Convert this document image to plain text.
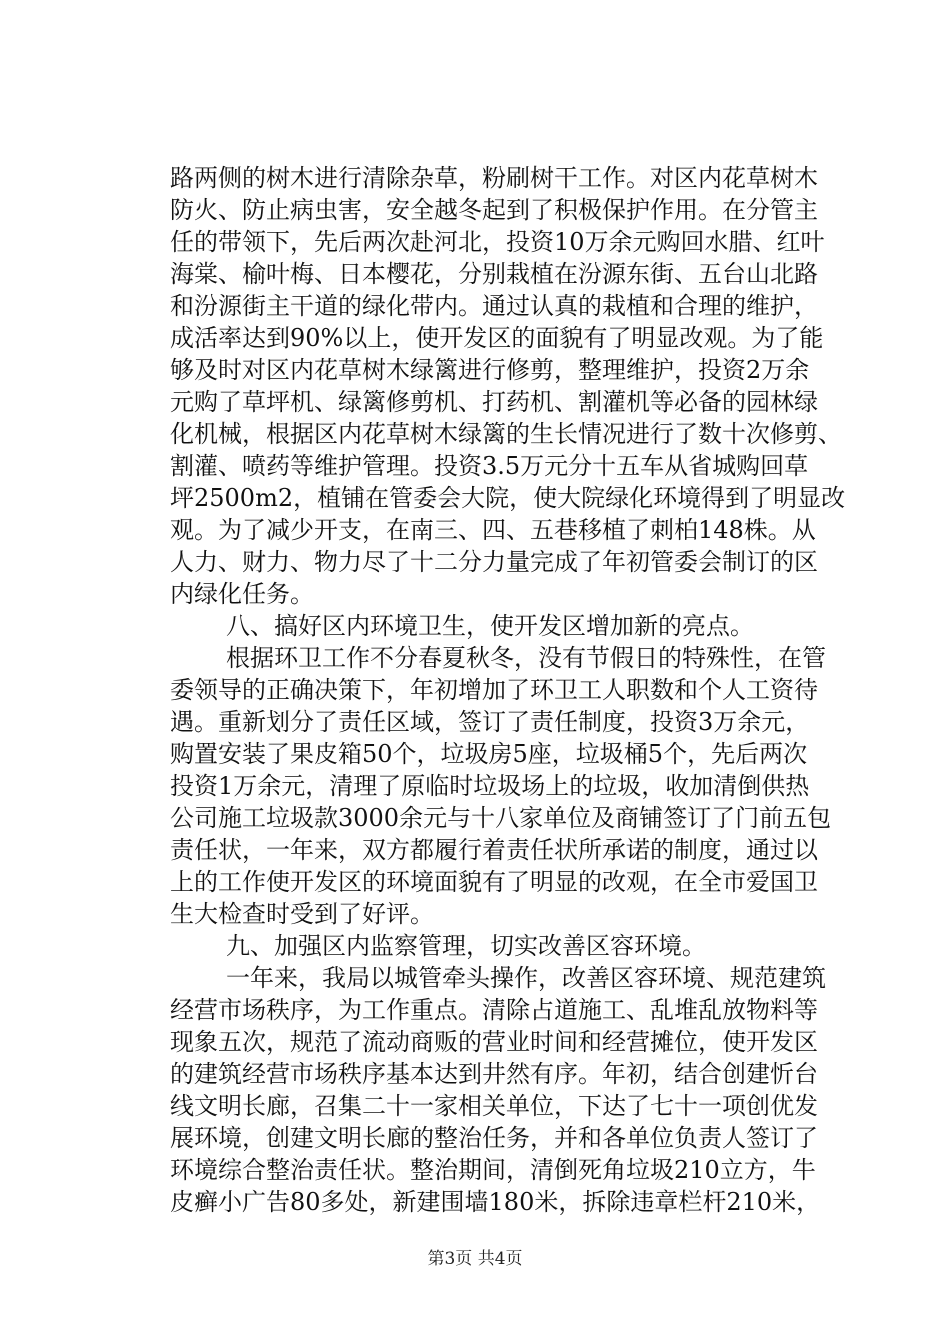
路两侧的树木进行清除杂草，粉刷树干工作。对区内花草树木
防火、防止病虫害，安全越冬起到了积极保护作用。在分管主
任的带领下，先后两次赴河北，投资10万余元购回水腊、红叶
海棠、榆叶梅、日本樱花，分别栽植在汾源东街、五台山北路
和汾源街主干道的绿化带内。通过认真的栽植和合理的维护，
成活率达到90%以上，使开发区的面貌有了明显改观。为了能
够及时对区内花草树木绿篱进行修剪，整理维护，投资2万余
元购了草坪机、绿篱修剪机、打药机、割灌机等必备的园林绿
化机械，根据区内花草树木绿篱的生长情况进行了数十次修剪、
割灌、喷药等维护管理。投资3.5万元分十五车从省城购回草
坪2500m2，植铺在管委会大院，使大院绿化环境得到了明显改
观。为了减少开支，在南三、四、五巷移植了刺柏148株。从
人力、财力、物力尽了十二分力量完成了年初管委会制订的区
内绿化任务。
八、搞好区内环境卫生，使开发区增加新的亮点。
根据环卫工作不分春夏秋冬，没有节假日的特殊性，在管
委领导的正确决策下，年初增加了环卫工人职数和个人工资待
遇。重新划分了责任区域，签订了责任制度，投资3万余元，
购置安装了果皮箱50个，垃圾房5座，垃圾桶5个，先后两次
投资1万余元，清理了原临时垃圾场上的垃圾，收加清倒供热
公司施工垃圾款3000余元与十八家单位及商铺签订了门前五包
责任状，一年来，双方都履行着责任状所承诺的制度，通过以
上的工作使开发区的环境面貌有了明显的改观，在全市爱国卫
生大检查时受到了好评。
九、加强区内监察管理，切实改善区容环境。
一年来，我局以城管牵头操作，改善区容环境、规范建筑
经营市场秩序，为工作重点。清除占道施工、乱堆乱放物料等
现象五次，规范了流动商贩的营业时间和经营摊位，使开发区
的建筑经营市场秩序基本达到井然有序。年初，结合创建忻台
线文明长廊，召集二十一家相关单位，下达了七十一项创优发
展环境，创建文明长廊的整治任务，并和各单位负责人签订了
环境综合整治责任状。整治期间，清倒死角垃圾210立方，牛
皮癣小广告80多处，新建围墙180米，拆除违章栏杆210米，
第3页 共4页
